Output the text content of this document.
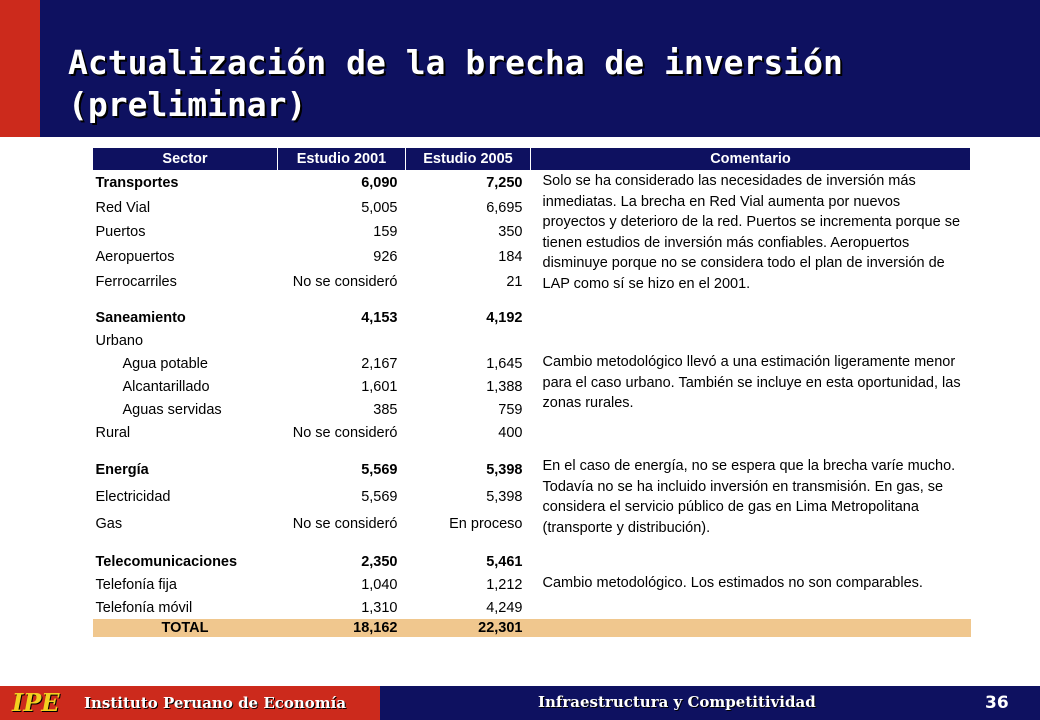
Actualización de la brecha de inversión
(preliminar)
Sector	Estudio 2001	Estudio 2005	Comentario
Transportes	6,090	7,250	Solo se ha considerado las necesidades de inversión más inmediatas. La brecha en Red Vial aumenta por nuevos proyectos y deterioro de la red. Puertos se incrementa porque se tienen estudios de inversión más confiables. Aeropuertos disminuye porque no se considera todo el plan de inversión de LAP como sí se hizo en el 2001.
Red Vial	5,005	6,695	
Puertos	159	350	
Aeropuertos	926	184	
Ferrocarriles	No se consideró	21	

Saneamiento	4,153	4,192	
Urbano			
Agua potable	2,167	1,645	Cambio metodológico llevó a una estimación ligeramente menor para el caso urbano. También se incluye en esta oportunidad, las zonas rurales.
Alcantarillado	1,601	1,388	
Aguas servidas	385	759	
Rural	No se consideró	400	

Energía	5,569	5,398	En el caso de energía, no se espera que la brecha varíe mucho. Todavía no se ha incluido inversión en transmisión. En gas, se considera el servicio público de gas en Lima Metropolitana (transporte y distribución).
Electricidad	5,569	5,398	
Gas	No se consideró	En proceso	

Telecomunicaciones	2,350	5,461	
Telefonía fija	1,040	1,212	Cambio metodológico. Los estimados no son comparables.
Telefonía móvil	1,310	4,249	
TOTAL	18,162	22,301	
IPE Instituto Peruano de Economía	Infraestructura y Competitividad	36
